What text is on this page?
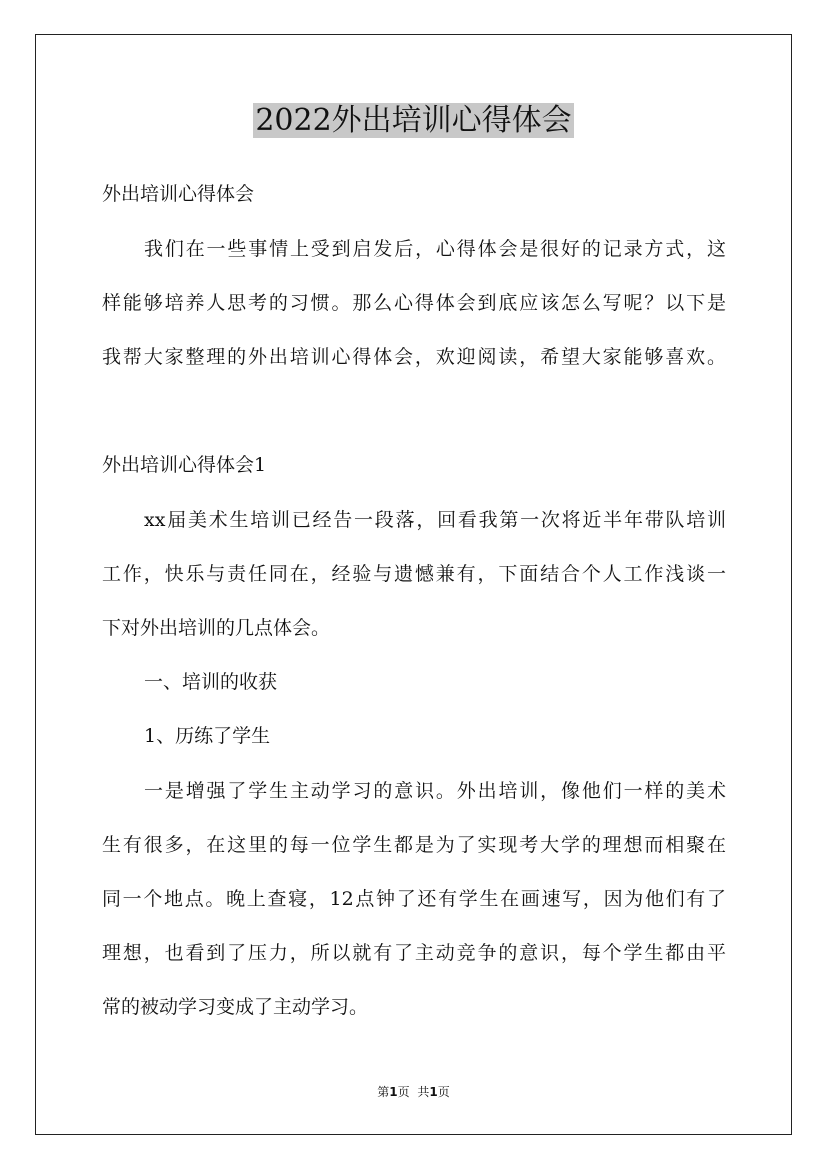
2022外出培训心得体会
外出培训心得体会
我们在一些事情上受到启发后，心得体会是很好的记录方式，这
样能够培养人思考的习惯。那么心得体会到底应该怎么写呢？以下是
我帮大家整理的外出培训心得体会，欢迎阅读，希望大家能够喜欢。
外出培训心得体会1
xx届美术生培训已经告一段落，回看我第一次将近半年带队培训
工作，快乐与责任同在，经验与遗憾兼有，下面结合个人工作浅谈一
下对外出培训的几点体会。
一、培训的收获
1、历练了学生
一是增强了学生主动学习的意识。外出培训，像他们一样的美术
生有很多，在这里的每一位学生都是为了实现考大学的理想而相聚在
同一个地点。晚上查寝，12点钟了还有学生在画速写，因为他们有了
理想，也看到了压力，所以就有了主动竞争的意识，每个学生都由平
常的被动学习变成了主动学习。
第1页 共1页
